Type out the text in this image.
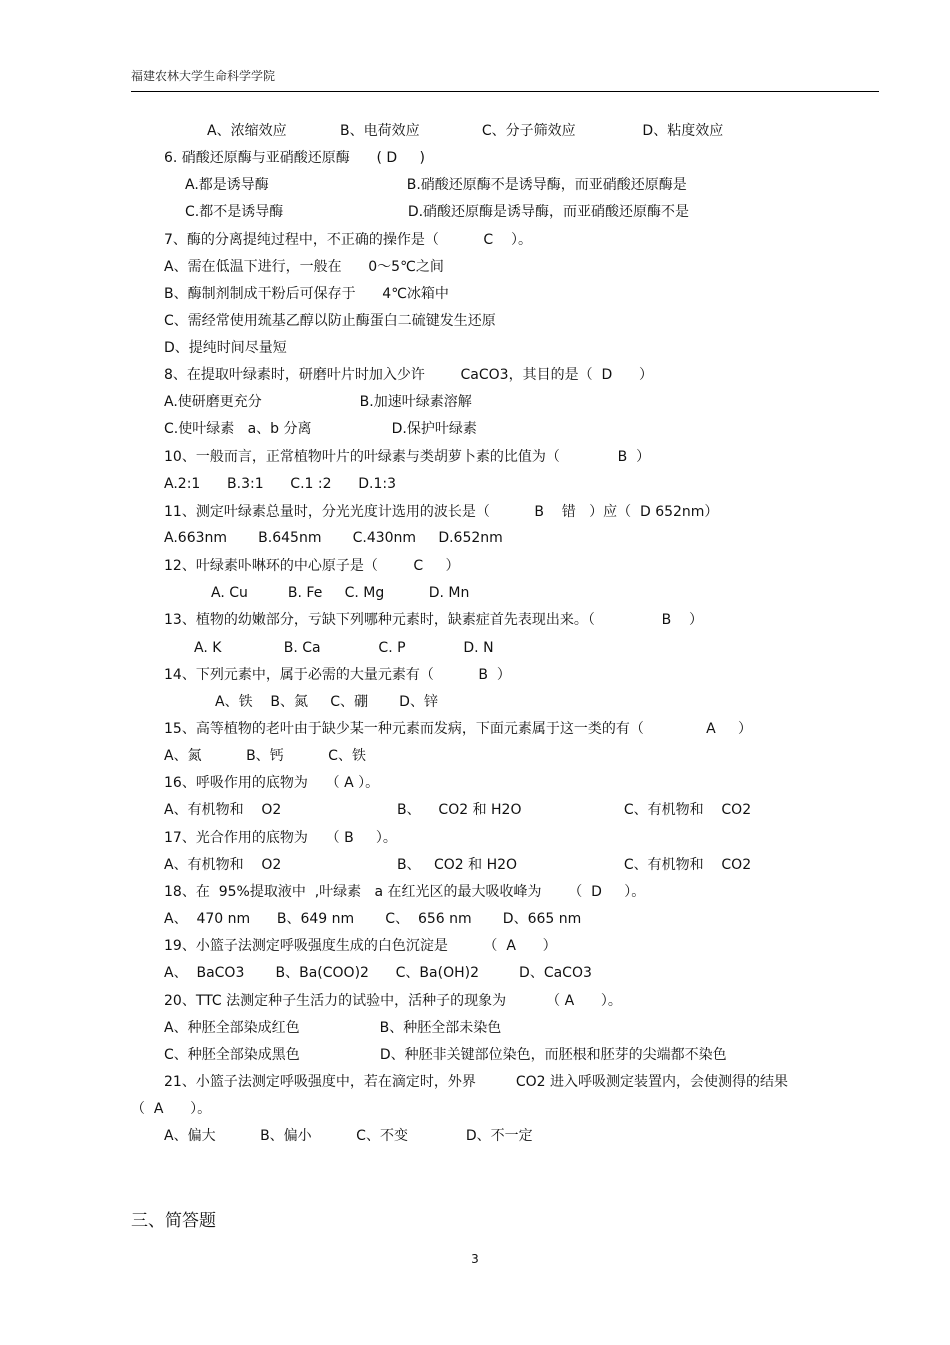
福建农林大学生命科学学院
A、浓缩效应            B、电荷效应              C、分子筛效应               D、粘度效应
6. 硝酸还原酶与亚硝酸还原酶      ( D     )
A.都是诱导酶                               B.硝酸还原酶不是诱导酶，而亚硝酸还原酶是
C.都不是诱导酶                            D.硝酸还原酶是诱导酶，而亚硝酸还原酶不是
7、酶的分离提纯过程中，不正确的操作是（          C    ）。
A、需在低温下进行，一般在      0～5℃之间
B、酶制剂制成干粉后可保存于      4℃冰箱中
C、需经常使用巯基乙醇以防止酶蛋白二硫键发生还原
D、提纯时间尽量短
8、在提取叶绿素时，研磨叶片时加入少许        CaCO3，其目的是（  D      ）
A.使研磨更充分                      B.加速叶绿素溶解
C.使叶绿素   a、b 分离                  D.保护叶绿素
10、一般而言，正常植物叶片的叶绿素与类胡萝卜素的比值为（             B  ）
A.2:1      B.3:1      C.1 :2      D.1:3
11、测定叶绿素总量时，分光光度计选用的波长是（          B    错   ）应（  D 652nm）
A.663nm       B.645nm       C.430nm     D.652nm
12、叶绿素卟啉环的中心原子是（        C     ）
A. Cu         B. Fe     C. Mg          D. Mn
13、植物的幼嫩部分，亏缺下列哪种元素时，缺素症首先表现出来。（               B    ）
A. K              B. Ca             C. P             D. N
14、下列元素中，属于必需的大量元素有（          B  ）
A、铁    B、氮     C、硼       D、锌
15、高等植物的老叶由于缺少某一种元素而发病，下面元素属于这一类的有（              A     ）
A、氮          B、钙          C、铁
16、呼吸作用的底物为    （ A ）。
A、有机物和    O2                          B、    CO2 和 H2O                       C、有机物和    CO2
17、光合作用的底物为    （ B     ）。
A、有机物和    O2                          B、   CO2 和 H2O                        C、有机物和    CO2
18、在  95%提取液中  ,叶绿素   a 在红光区的最大吸收峰为      （  D     ）。
A、  470 nm      B、649 nm       C、  656 nm       D、665 nm
19、小篮子法测定呼吸强度生成的白色沉淀是        （  A      ）
A、  BaCO3       B、Ba(COO)2      C、Ba(OH)2         D、CaCO3
20、TTC 法测定种子生活力的试验中，活种子的现象为         （ A      ）。
A、种胚全部染成红色                  B、种胚全部未染色
C、种胚全部染成黑色                  D、种胚非关键部位染色，而胚根和胚芽的尖端都不染色
21、小篮子法测定呼吸强度中，若在滴定时，外界         CO2 进入呼吸测定装置内，会使测得的结果
（  A      ）。
A、偏大          B、偏小          C、不变             D、不一定
三、简答题
3
